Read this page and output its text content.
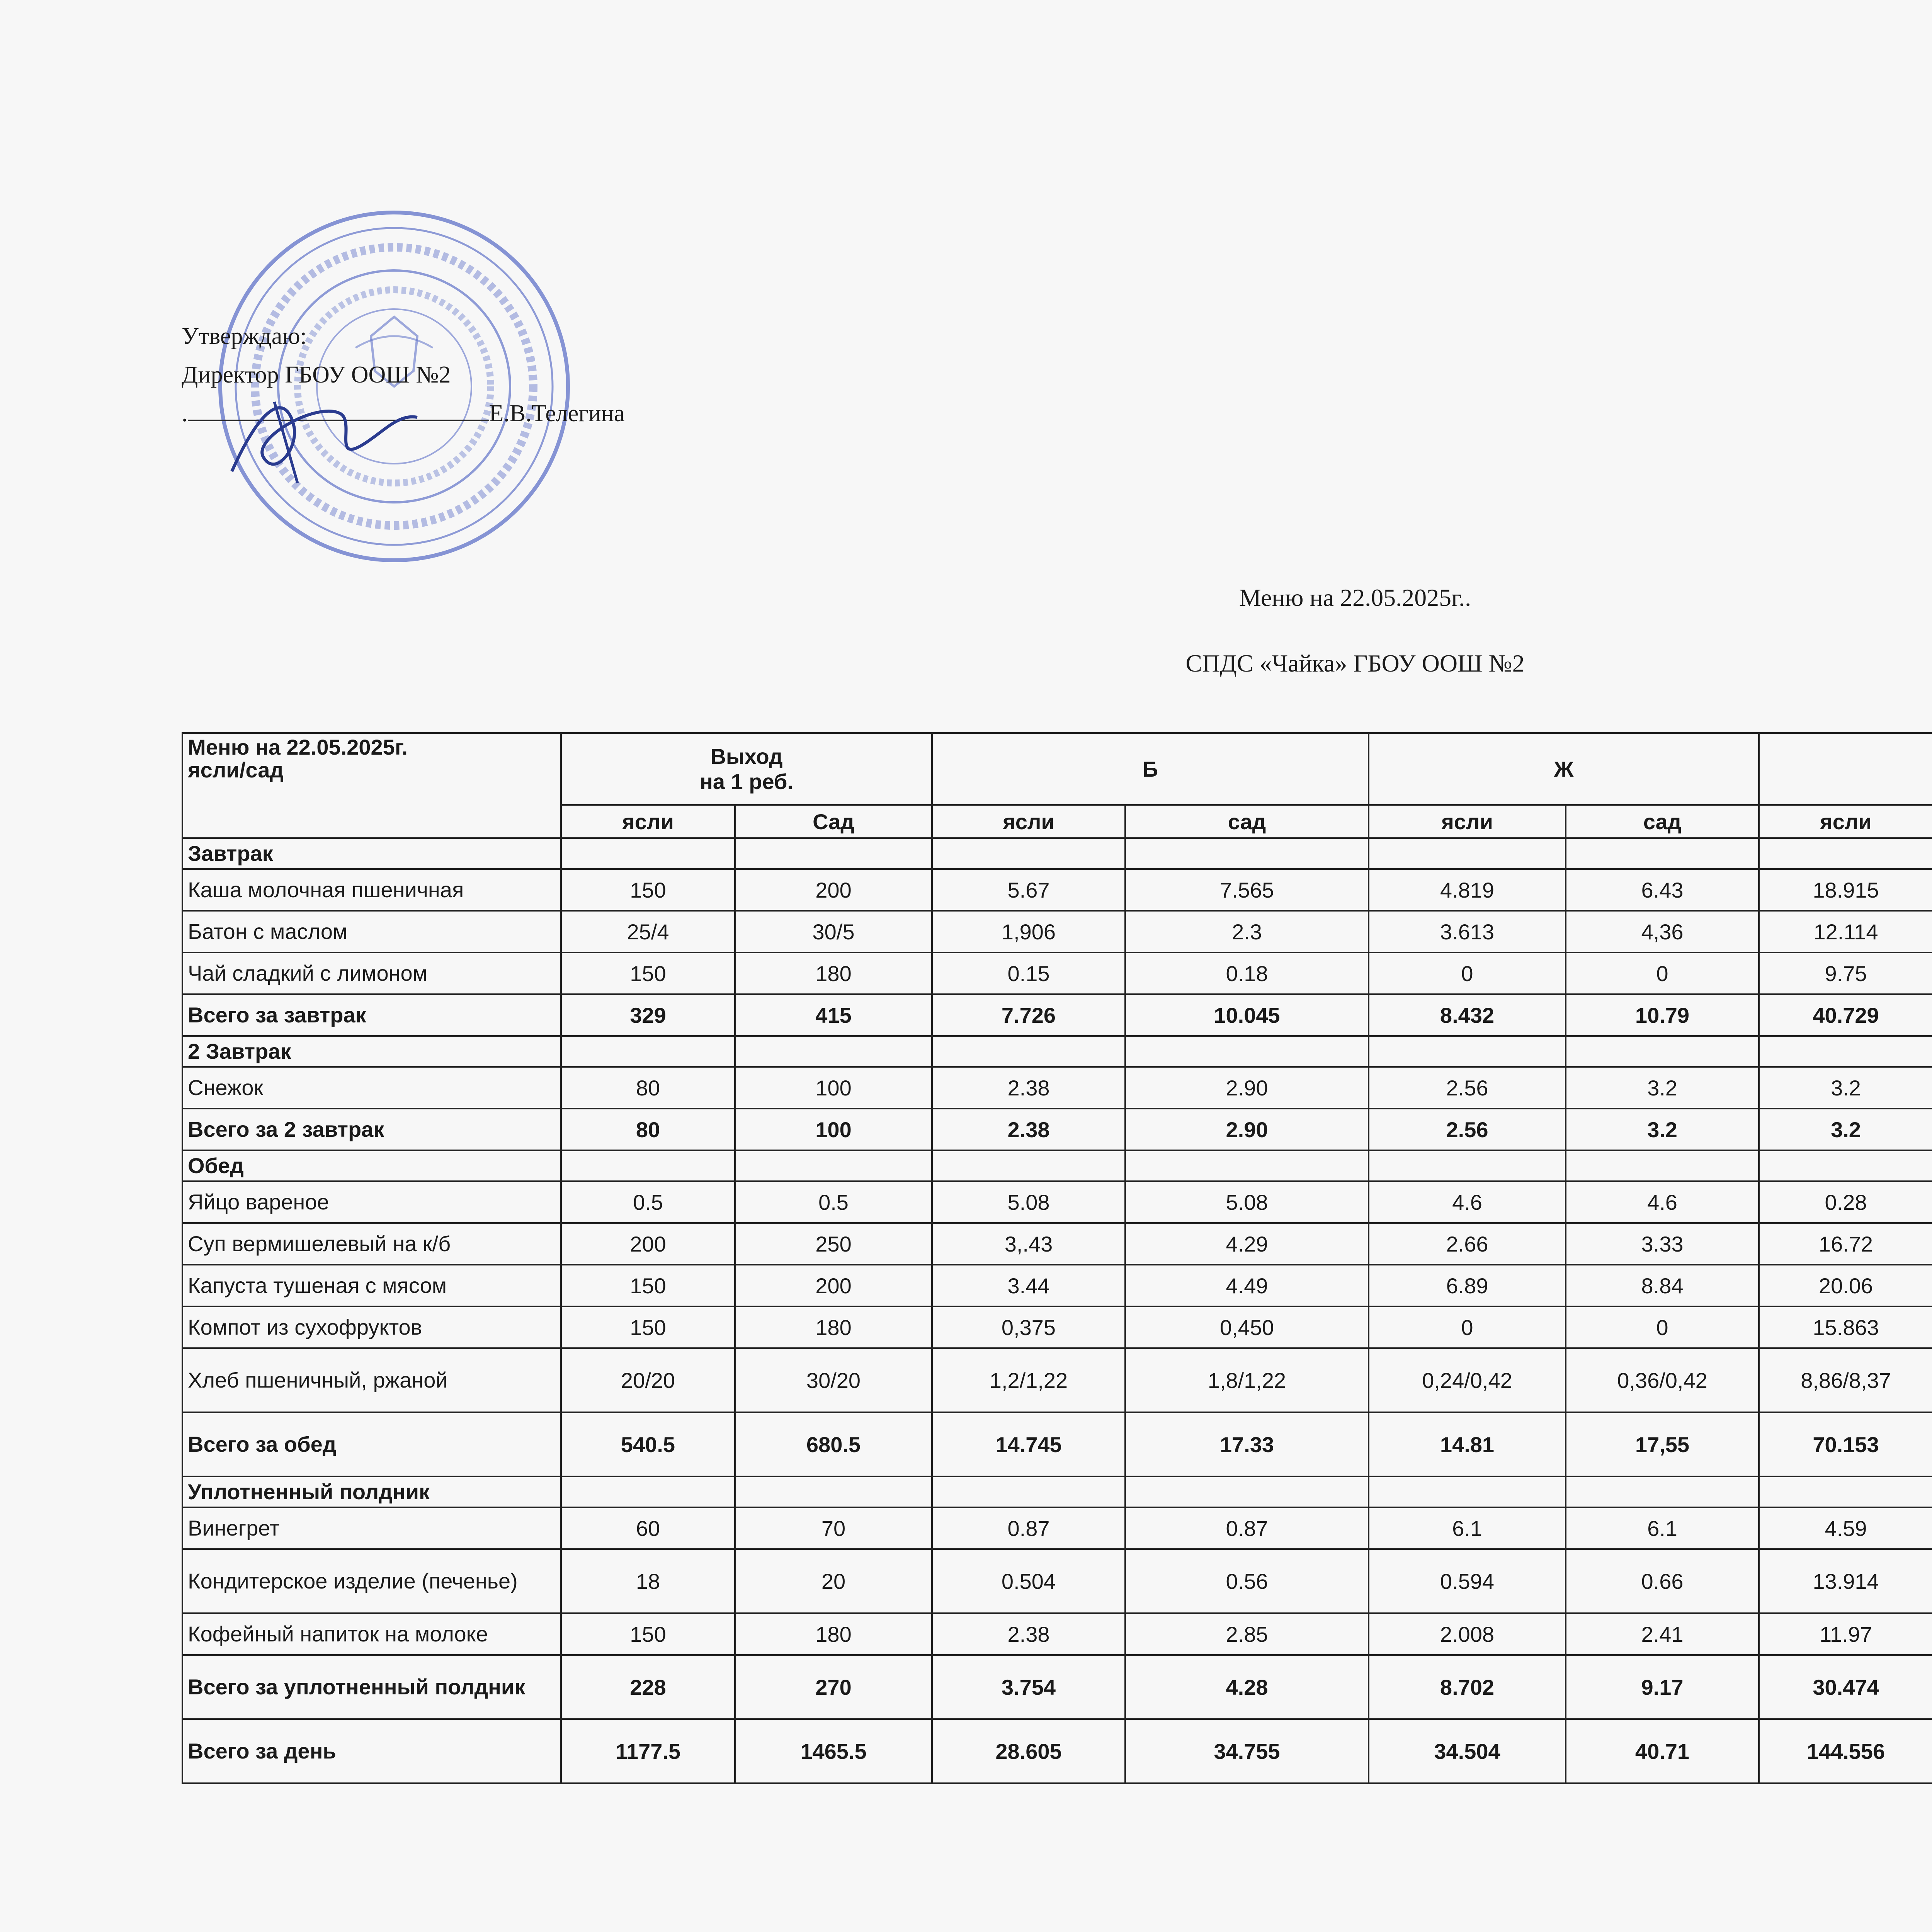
Утверждаю:
Директор ГБОУ ООШ №2
.	Е.В.Телегина
Меню на 22.05.2025г..
СПДС «Чайка» ГБОУ ООШ №2
Меню на 22.05.2025г.
ясли/сад	Выход
на 1 реб.		Б		Ж		
	ясли	Сад	ясли	сад	ясли	сад	ясли			
Завтрак										
Каша молочная пшеничная	150	200	5.67	7.565	4.819	6.43	18.915			
Батон с маслом	25/4	30/5	1,906	2.3	3.613	4,36	12.114			
Чай сладкий с лимоном	150	180	0.15	0.18	0	0	9.75			
Всего за завтрак	329	415	7.726	10.045	8.432	10.79	40.729			
2 Завтрак										
Снежок	80	100	2.38	2.90	2.56	3.2	3.2			
Всего за 2 завтрак	80	100	2.38	2.90	2.56	3.2	3.2			
Обед										
Яйцо вареное	0.5	0.5	5.08	5.08	4.6	4.6	0.28			
Суп вермишелевый на к/б	200	250	3,.43	4.29	2.66	3.33	16.72			
Капуста тушеная с мясом	150	200	3.44	4.49	6.89	8.84	20.06			
Компот из сухофруктов	150	180	0,375	0,450	0	0	15.863			
Хлеб пшеничный, ржаной	20/20	30/20	1,2/1,22	1,8/1,22	0,24/0,42	0,36/0,42	8,86/8,37			
Всего за обед	540.5	680.5	14.745	17.33	14.81	17,55	70.153			
Уплотненный полдник										
Винегрет	60	70	0.87	0.87	6.1	6.1	4.59			
Кондитерское изделие (печенье)	18	20	0.504	0.56	0.594	0.66	13.914			
Кофейный напиток на молоке	150	180	2.38	2.85	2.008	2.41	11.97			
Всего за уплотненный полдник	228	270	3.754	4.28	8.702	9.17	30.474			
Всего за день	1177.5	1465.5	28.605	34.755	34.504	40.71	144.556			
